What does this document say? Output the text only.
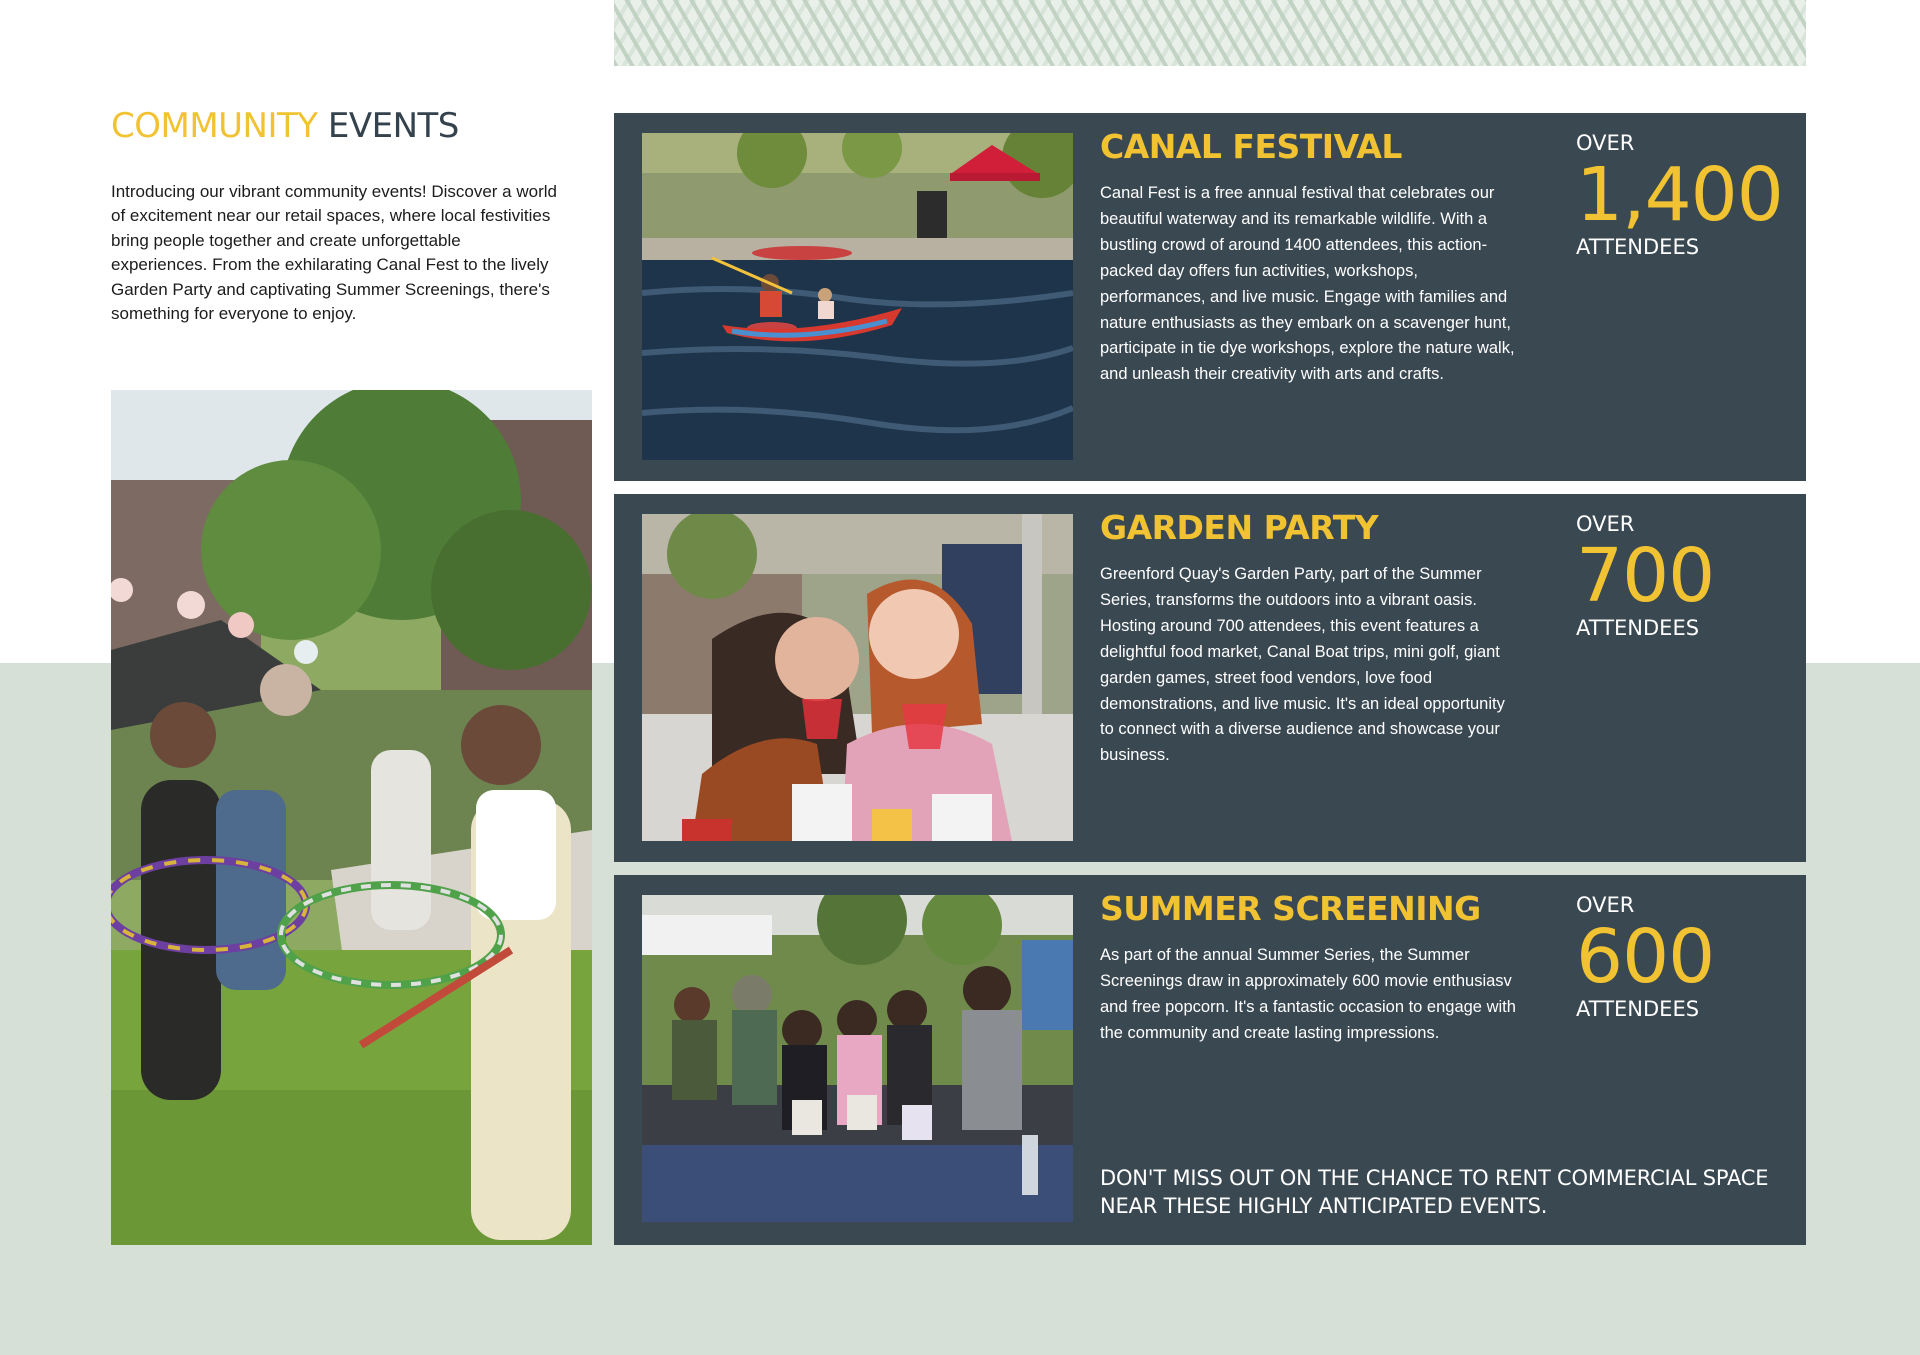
COMMUNITY EVENTS

Introducing our vibrant community events! Discover a world of excitement near our retail spaces, where local festivities bring people together and create unforgettable experiences. From the exhilarating Canal Fest to the lively Garden Party and captivating Summer Screenings, there's something for everyone to enjoy.

CANAL FESTIVAL

Canal Fest is a free annual festival that celebrates our beautiful waterway and its remarkable wildlife. With a bustling crowd of around 1400 attendees, this action-packed day offers fun activities, workshops, performances, and live music. Engage with families and nature enthusiasts as they embark on a scavenger hunt, participate in tie dye workshops, explore the nature walk, and unleash their creativity with arts and crafts.

OVER
1,400
ATTENDEES
GARDEN PARTY

Greenford Quay's Garden Party, part of the Summer Series, transforms the outdoors into a vibrant oasis. Hosting around 700 attendees, this event features a delightful food market, Canal Boat trips, mini golf, giant garden games, street food vendors, love food demonstrations, and live music. It's an ideal opportunity to connect with a diverse audience and showcase your business.

OVER
700
ATTENDEES
SUMMER SCREENING

As part of the annual Summer Series, the Summer Screenings draw in approximately 600 movie enthusiasv and free popcorn. It's a fantastic occasion to engage with the community and create lasting impressions.

OVER
600
ATTENDEES

DON'T MISS OUT ON THE CHANCE TO RENT COMMERCIAL SPACE NEAR THESE HIGHLY ANTICIPATED EVENTS.
